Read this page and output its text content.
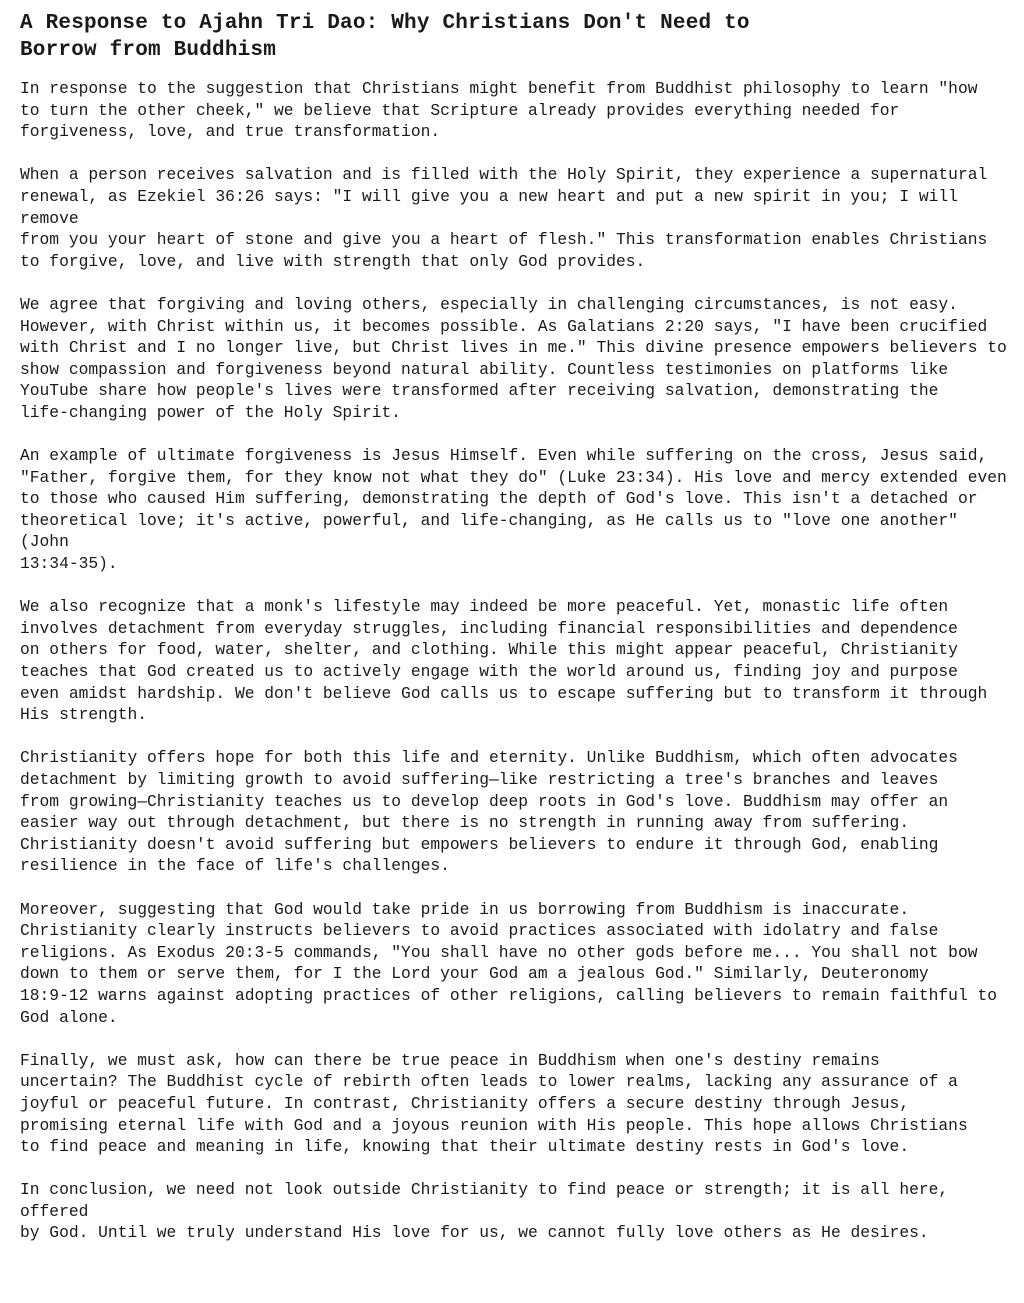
A Response to Ajahn Tri Dao: Why Christians Don't Need to
Borrow from Buddhism

In response to the suggestion that Christians might benefit from Buddhist philosophy to learn "how
to turn the other cheek," we believe that Scripture already provides everything needed for
forgiveness, love, and true transformation.

When a person receives salvation and is filled with the Holy Spirit, they experience a supernatural
renewal, as Ezekiel 36:26 says: "I will give you a new heart and put a new spirit in you; I will remove
from you your heart of stone and give you a heart of flesh." This transformation enables Christians
to forgive, love, and live with strength that only God provides.

We agree that forgiving and loving others, especially in challenging circumstances, is not easy.
However, with Christ within us, it becomes possible. As Galatians 2:20 says, "I have been crucified
with Christ and I no longer live, but Christ lives in me." This divine presence empowers believers to
show compassion and forgiveness beyond natural ability. Countless testimonies on platforms like
YouTube share how people's lives were transformed after receiving salvation, demonstrating the
life-changing power of the Holy Spirit.

An example of ultimate forgiveness is Jesus Himself. Even while suffering on the cross, Jesus said,
"Father, forgive them, for they know not what they do" (Luke 23:34). His love and mercy extended even
to those who caused Him suffering, demonstrating the depth of God's love. This isn't a detached or
theoretical love; it's active, powerful, and life-changing, as He calls us to "love one another" (John
13:34-35).

We also recognize that a monk's lifestyle may indeed be more peaceful. Yet, monastic life often
involves detachment from everyday struggles, including financial responsibilities and dependence
on others for food, water, shelter, and clothing. While this might appear peaceful, Christianity
teaches that God created us to actively engage with the world around us, finding joy and purpose
even amidst hardship. We don't believe God calls us to escape suffering but to transform it through
His strength.

Christianity offers hope for both this life and eternity. Unlike Buddhism, which often advocates
detachment by limiting growth to avoid suffering—like restricting a tree's branches and leaves
from growing—Christianity teaches us to develop deep roots in God's love. Buddhism may offer an
easier way out through detachment, but there is no strength in running away from suffering.
Christianity doesn't avoid suffering but empowers believers to endure it through God, enabling
resilience in the face of life's challenges.

Moreover, suggesting that God would take pride in us borrowing from Buddhism is inaccurate.
Christianity clearly instructs believers to avoid practices associated with idolatry and false
religions. As Exodus 20:3-5 commands, "You shall have no other gods before me... You shall not bow
down to them or serve them, for I the Lord your God am a jealous God." Similarly, Deuteronomy
18:9-12 warns against adopting practices of other religions, calling believers to remain faithful to
God alone.

Finally, we must ask, how can there be true peace in Buddhism when one's destiny remains
uncertain? The Buddhist cycle of rebirth often leads to lower realms, lacking any assurance of a
joyful or peaceful future. In contrast, Christianity offers a secure destiny through Jesus,
promising eternal life with God and a joyous reunion with His people. This hope allows Christians
to find peace and meaning in life, knowing that their ultimate destiny rests in God's love.

In conclusion, we need not look outside Christianity to find peace or strength; it is all here, offered
by God. Until we truly understand His love for us, we cannot fully love others as He desires.
